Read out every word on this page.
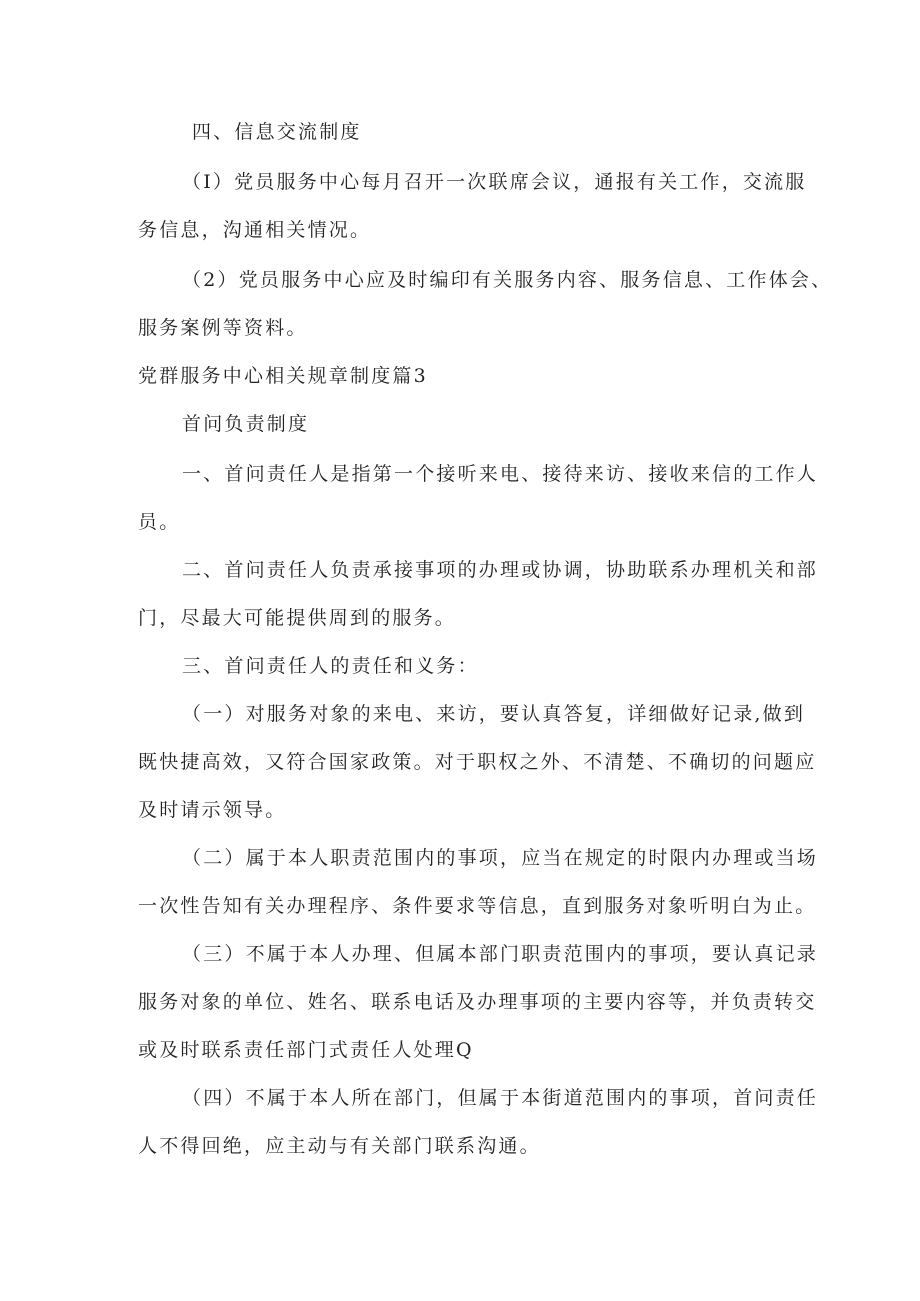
四、信息交流制度
（I）党员服务中心每月召开一次联席会议，通报有关工作，交流服
务信息，沟通相关情况。
（2）党员服务中心应及时编印有关服务内容、服务信息、工作体会、
服务案例等资料。
党群服务中心相关规章制度篇3
首问负责制度
一、首问责任人是指第一个接听来电、接待来访、接收来信的工作人
员。
二、首问责任人负责承接事项的办理或协调，协助联系办理机关和部
门，尽最大可能提供周到的服务。
三、首问责任人的责任和义务：
（一）对服务对象的来电、来访，要认真答复，详细做好记录,做到
既快捷高效，又符合国家政策。对于职权之外、不清楚、不确切的问题应
及时请示领导。
（二）属于本人职责范围内的事项，应当在规定的时限内办理或当场
一次性告知有关办理程序、条件要求等信息，直到服务对象听明白为止。
（三）不属于本人办理、但属本部门职责范围内的事项，要认真记录
服务对象的单位、姓名、联系电话及办理事项的主要内容等，并负责转交
或及时联系责任部门式责任人处理Q
（四）不属于本人所在部门，但属于本街道范围内的事项，首问责任
人不得回绝，应主动与有关部门联系沟通。
